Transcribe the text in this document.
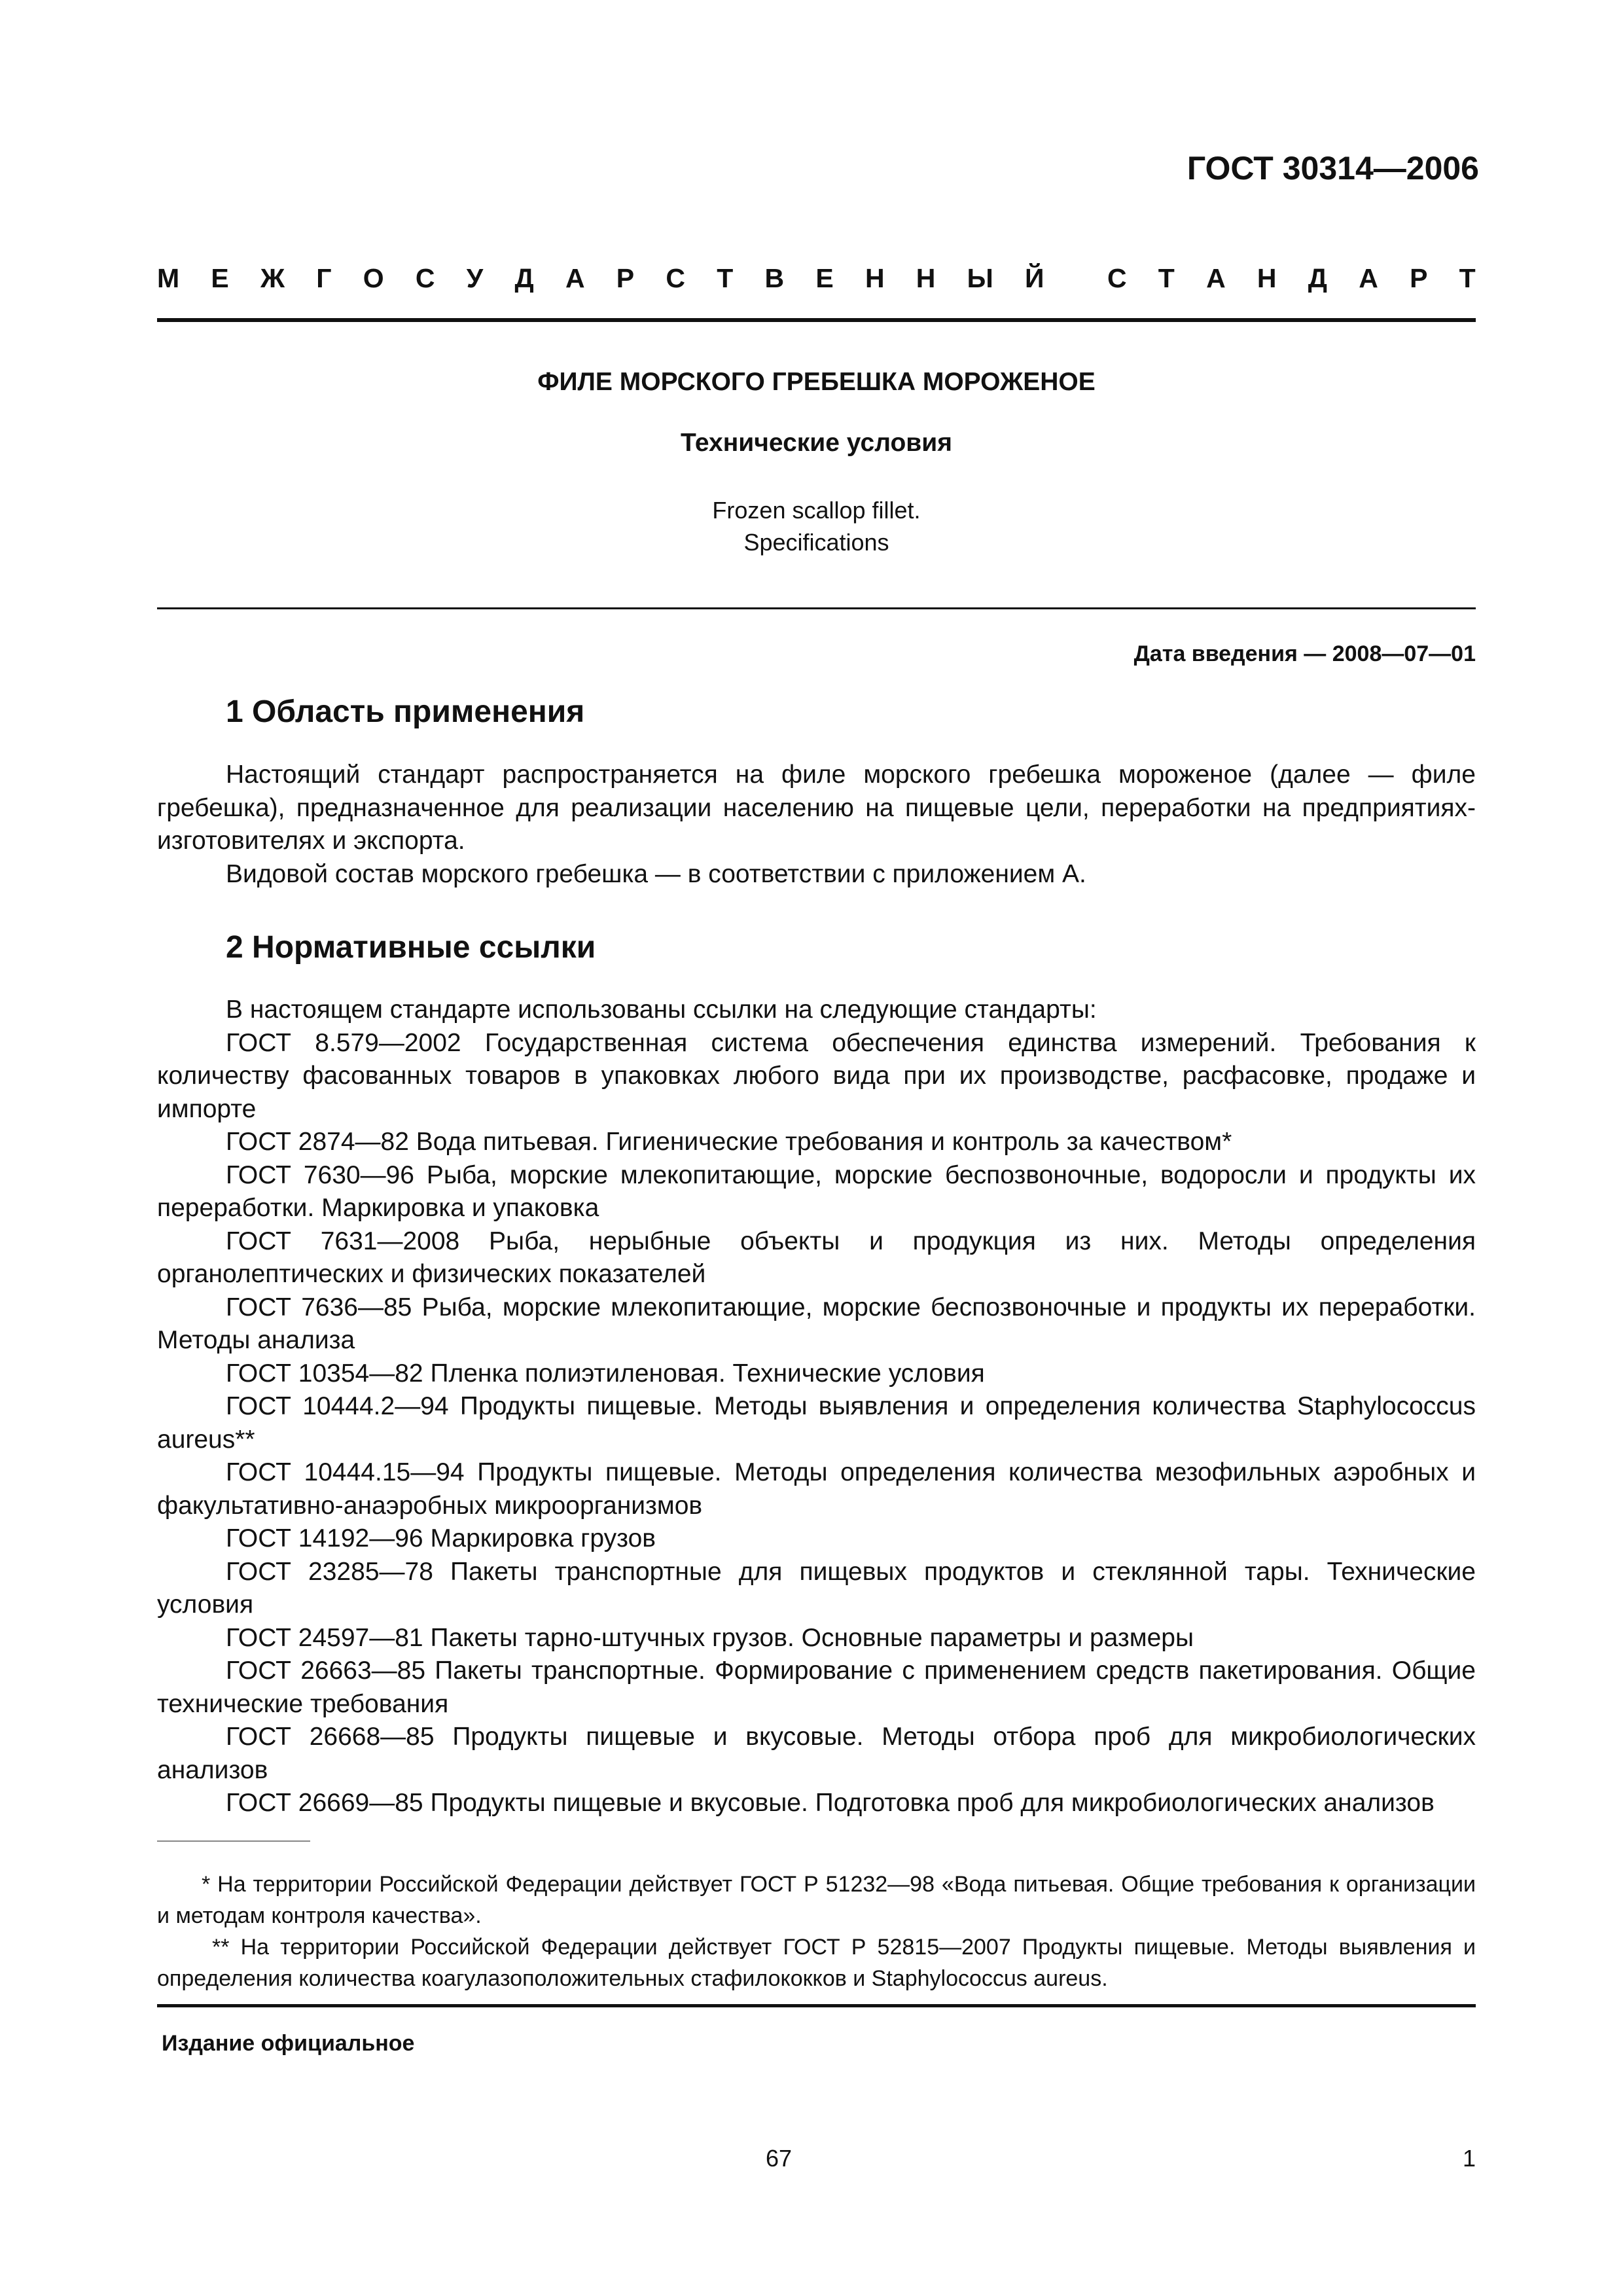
ГОСТ 30314—2006
М Е Ж Г О С У Д А Р С Т В Е Н Н Ы Й С Т А Н Д А Р Т
ФИЛЕ МОРСКОГО ГРЕБЕШКА МОРОЖЕНОЕ
Технические условия
Frozen scallop fillet.
Specifications
Дата введения — 2008—07—01
1 Область применения

Настоящий стандарт распространяется на филе морского гребешка мороженое (далее — филе гребешка), предназначенное для реализации населению на пищевые цели, переработки на предприятиях-изготовителях и экспорта.

Видовой состав морского гребешка — в соответствии с приложением А.

2 Нормативные ссылки

В настоящем стандарте использованы ссылки на следующие стандарты:

ГОСТ 8.579—2002 Государственная система обеспечения единства измерений. Требования к количеству фасованных товаров в упаковках любого вида при их производстве, расфасовке, продаже и импорте

ГОСТ 2874—82 Вода питьевая. Гигиенические требования и контроль за качеством*

ГОСТ 7630—96 Рыба, морские млекопитающие, морские беспозвоночные, водоросли и продукты их переработки. Маркировка и упаковка

ГОСТ 7631—2008 Рыба, нерыбные объекты и продукция из них. Методы определения органолептических и физических показателей

ГОСТ 7636—85 Рыба, морские млекопитающие, морские беспозвоночные и продукты их переработки. Методы анализа

ГОСТ 10354—82 Пленка полиэтиленовая. Технические условия

ГОСТ 10444.2—94 Продукты пищевые. Методы выявления и определения количества Staphylococcus aureus**

ГОСТ 10444.15—94 Продукты пищевые. Методы определения количества мезофильных аэробных и факультативно-анаэробных микроорганизмов

ГОСТ 14192—96 Маркировка грузов

ГОСТ 23285—78 Пакеты транспортные для пищевых продуктов и стеклянной тары. Технические условия

ГОСТ 24597—81 Пакеты тарно-штучных грузов. Основные параметры и размеры

ГОСТ 26663—85 Пакеты транспортные. Формирование с применением средств пакетирования. Общие технические требования

ГОСТ 26668—85 Продукты пищевые и вкусовые. Методы отбора проб для микробиологических анализов

ГОСТ 26669—85 Продукты пищевые и вкусовые. Подготовка проб для микробиологических анализов

* На территории Российской Федерации действует ГОСТ Р 51232—98 «Вода питьевая. Общие требования к организации и методам контроля качества».

** На территории Российской Федерации действует ГОСТ Р 52815—2007 Продукты пищевые. Методы выявления и определения количества коагулазоположительных стафилококков и Staphylococcus aureus.

Издание официальное
67	1
